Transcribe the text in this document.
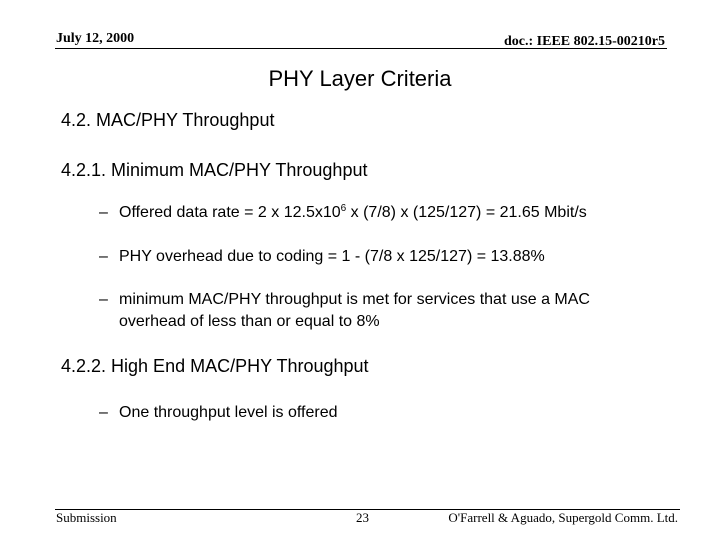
July 12, 2000	doc.: IEEE 802.15-00210r5
PHY Layer Criteria
4.2. MAC/PHY Throughput
4.2.1. Minimum MAC/PHY Throughput
– Offered data rate = 2 x $12.5x10^6$ x (7/8) x (125/127) = 21.65 Mbit/s
– PHY overhead due to coding = 1 - (7/8 x 125/127) = 13.88%
– minimum MAC/PHY throughput is met for services that use a MAC
overhead of less than or equal to 8%
4.2.2. High End MAC/PHY Throughput
– One throughput level is offered
Submission	23	O'Farrell & Aguado, Supergold Comm. Ltd.
